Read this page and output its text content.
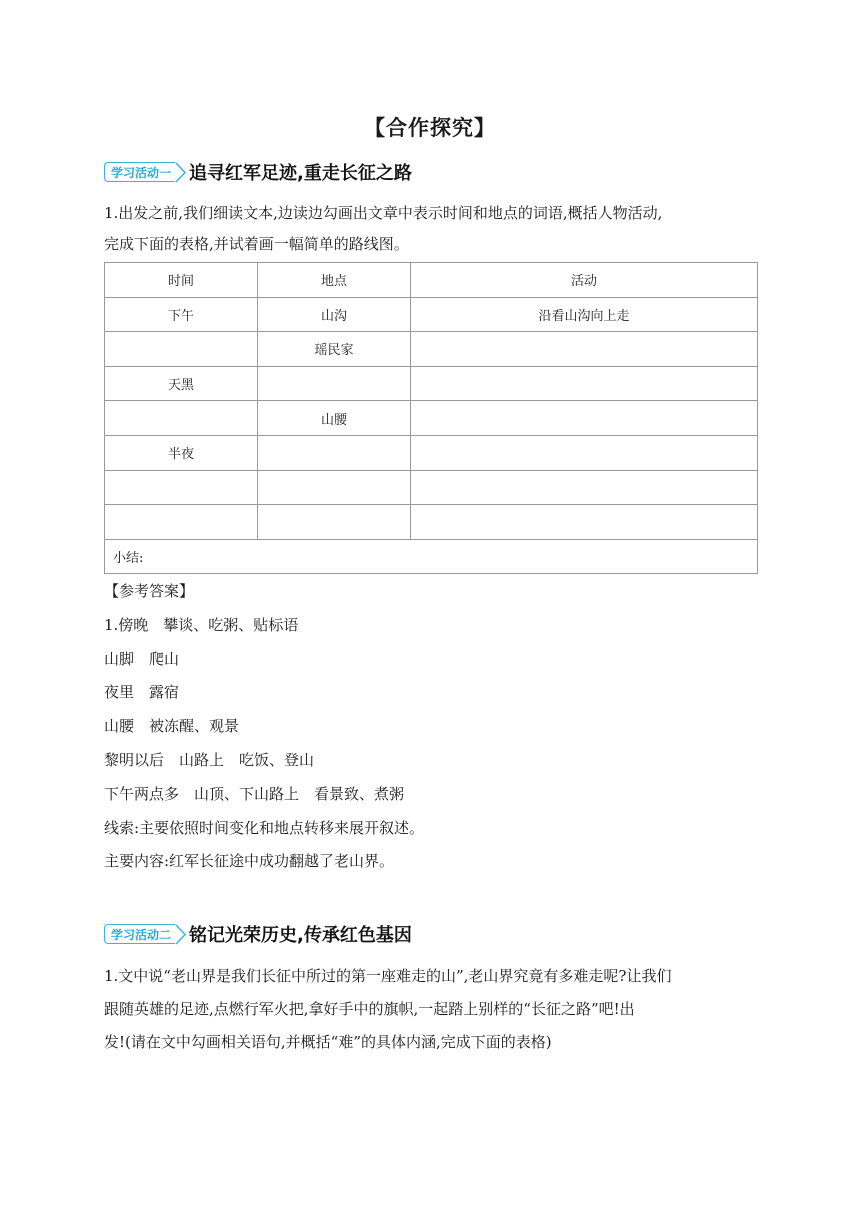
【合作探究】
学习活动一 追寻红军足迹,重走长征之路
1.出发之前,我们细读文本,边读边勾画出文章中表示时间和地点的词语,概括人物活动,
完成下面的表格,并试着画一幅简单的路线图。
时间	地点	活动
下午	山沟	沿看山沟向上走
	瑶民家	
天黑		
	山腰	
半夜		

小结:		
【参考答案】
1.傍晚　攀谈、吃粥、贴标语
山脚　爬山
夜里　露宿
山腰　被冻醒、观景
黎明以后　山路上　吃饭、登山
下午两点多　山顶、下山路上　看景致、煮粥
线索:主要依照时间变化和地点转移来展开叙述。
主要内容:红军长征途中成功翻越了老山界。
学习活动二 铭记光荣历史,传承红色基因
1.文中说“老山界是我们长征中所过的第一座难走的山”,老山界究竟有多难走呢?让我们
跟随英雄的足迹,点燃行军火把,拿好手中的旗帜,一起踏上别样的“长征之路”吧!出
发!(请在文中勾画相关语句,并概括“难”的具体内涵,完成下面的表格)
